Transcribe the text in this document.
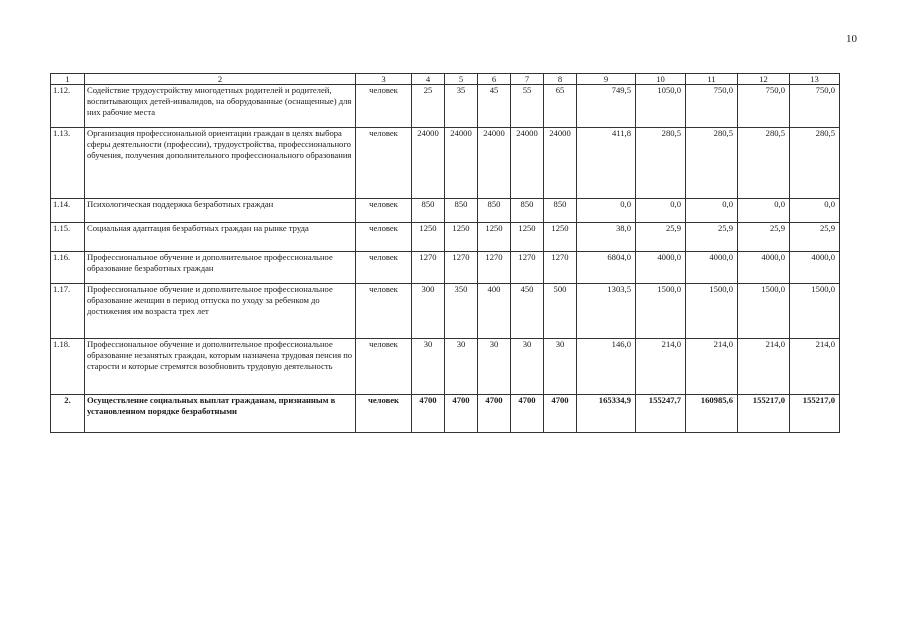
10
1	2	3	4	5	6	7	8	9	10	11	12	13
1.12.	Содействие трудоустройству многодетных родителей и родителей, воспитывающих детей-инвалидов, на оборудованные (оснащенные) для них рабочие места	человек	25	35	45	55	65	749,5	1050,0	750,0	750,0	750,0
1.13.	Организация профессиональной ориентации граждан в целях выбора сферы деятельности (профессии), трудоустройства, профессионального обучения, получения дополнительного профессионального образования	человек	24000	24000	24000	24000	24000	411,8	280,5	280,5	280,5	280,5
1.14.	Психологическая поддержка безработных граждан	человек	850	850	850	850	850	0,0	0,0	0,0	0,0	0,0
1.15.	Социальная адаптация безработных граждан на рынке труда	человек	1250	1250	1250	1250	1250	38,0	25,9	25,9	25,9	25,9
1.16.	Профессиональное обучение и дополнительное профессиональное образование безработных граждан	человек	1270	1270	1270	1270	1270	6804,0	4000,0	4000,0	4000,0	4000,0
1.17.	Профессиональное обучение и дополнительное профессиональное образование женщин в период отпуска по уходу за ребенком до достижения им возраста трех лет	человек	300	350	400	450	500	1303,5	1500,0	1500,0	1500,0	1500,0
1.18.	Профессиональное обучение и дополнительное профессиональное образование незанятых граждан, которым назначена трудовая пенсия по старости и которые стремятся возобновить трудовую деятельность	человек	30	30	30	30	30	146,0	214,0	214,0	214,0	214,0
2.	Осуществление социальных выплат гражданам, признанным в установленном порядке безработными	человек	4700	4700	4700	4700	4700	165334,9	155247,7	160985,6	155217,0	155217,0
